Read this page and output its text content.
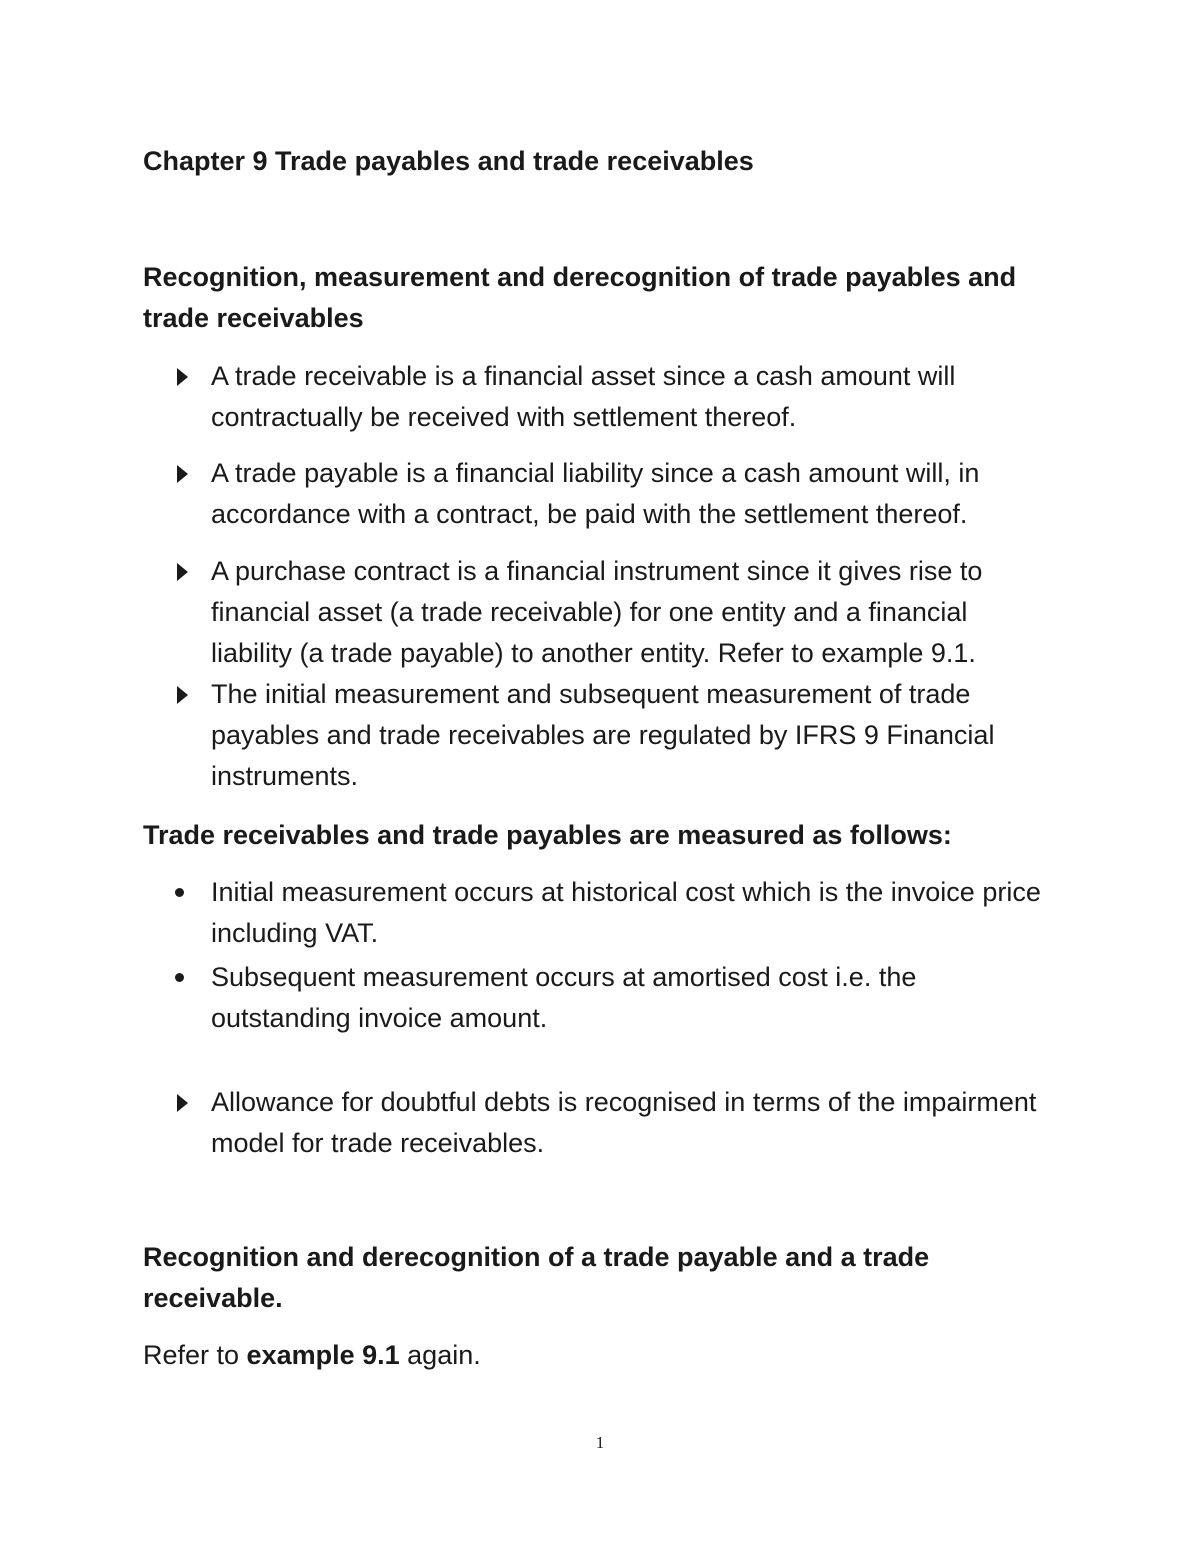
Chapter 9 Trade payables and trade receivables
Recognition, measurement and derecognition of trade payables and trade receivables
A trade receivable is a financial asset since a cash amount will contractually be received with settlement thereof.
A trade payable is a financial liability since a cash amount will, in accordance with a contract, be paid with the settlement thereof.
A purchase contract is a financial instrument since it gives rise to financial asset (a trade receivable) for one entity and a financial liability (a trade payable) to another entity. Refer to example 9.1.
The initial measurement and subsequent measurement of trade payables and trade receivables are regulated by IFRS 9 Financial instruments.
Trade receivables and trade payables are measured as follows:
Initial measurement occurs at historical cost which is the invoice price including VAT.
Subsequent measurement occurs at amortised cost i.e. the outstanding invoice amount.
Allowance for doubtful debts is recognised in terms of the impairment model for trade receivables.
Recognition and derecognition of a trade payable and a trade receivable.

Refer to example 9.1 again.

1
